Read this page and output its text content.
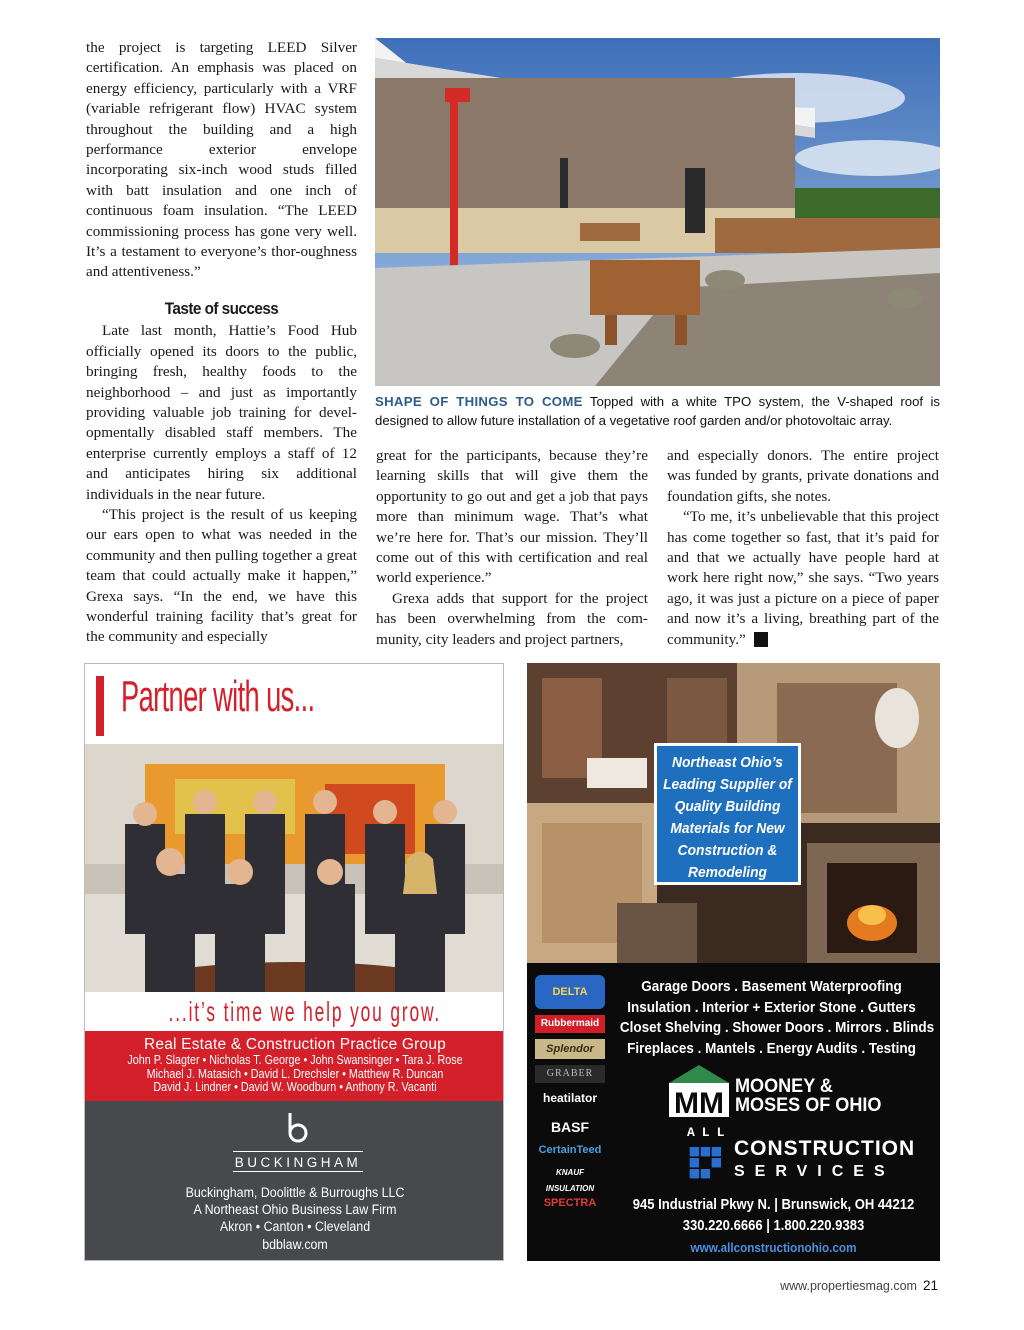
the project is targeting LEED Silver certification. An emphasis was placed on energy efficiency, particularly with a VRF (variable refrigerant flow) HVAC system throughout the building and a high performance exterior envelope incorporating six-inch wood studs filled with batt insulation and one inch of continuous foam insulation. “The LEED commissioning process has gone very well. It’s a testament to everyone’s thor-oughness and attentiveness.”

Taste of success

Late last month, Hattie’s Food Hub officially opened its doors to the public, bringing fresh, healthy foods to the neighborhood – and just as importantly providing valuable job training for devel-opmentally disabled staff members. The enterprise currently employs a staff of 12 and anticipates hiring six additional individuals in the near future.

“This project is the result of us keeping our ears open to what was needed in the community and then pulling together a great team that could actually make it happen,” Grexa says. “In the end, we have this wonderful training facility that’s great for the community and especially

SHAPE OF THINGS TO COME Topped with a white TPO system, the V-shaped roof is designed to allow future installation of a vegetative roof garden and/or photovoltaic array.

great for the participants, because they’re learning skills that will give them the opportunity to go out and get a job that pays more than minimum wage. That’s what we’re here for. That’s our mission. They’ll come out of this with certification and real world experience.”

Grexa adds that support for the project has been overwhelming from the com-munity, city leaders and project partners,

and especially donors. The entire project was funded by grants, private donations and foundation gifts, she notes.

“To me, it’s unbelievable that this project has come together so fast, that it’s paid for and that we actually have people hard at work here right now,” she says. “Two years ago, it was just a picture on a piece of paper and now it’s a living, breathing part of the community.” P

Partner with us...
...it’s time we help you grow.
Real Estate & Construction Practice Group
John P. Slagter • Nicholas T. George • John Swansinger • Tara J. Rose
Michael J. Matasich • David L. Drechsler • Matthew R. Duncan
David J. Lindner • David W. Woodburn • Anthony R. Vacanti
BUCKINGHAM
Buckingham, Doolittle & Burroughs LLC
A Northeast Ohio Business Law Firm
Akron • Canton • Cleveland
bdblaw.com
Northeast Ohio’s
Leading Supplier of
Quality Building
Materials for New
Construction &
Remodeling
Garage Doors . Basement Waterproofing
Insulation . Interior + Exterior Stone . Gutters
Closet Shelving . Shower Doors . Mirrors . Blinds
Fireplaces . Mantels . Energy Audits . Testing
DELTA
Rubbermaid
Splendor
GRABER
heatilator
BASF
CertainTeed
KNAUF INSULATION
SPECTRA
MM
MOONEY &
MOSES OF OHIO
ALL
CONSTRUCTION
SERVICES
945 Industrial Pkwy N. | Brunswick, OH 44212
330.220.6666 | 1.800.220.9383
www.allconstructionohio.com
www.propertiesmag.com 21
